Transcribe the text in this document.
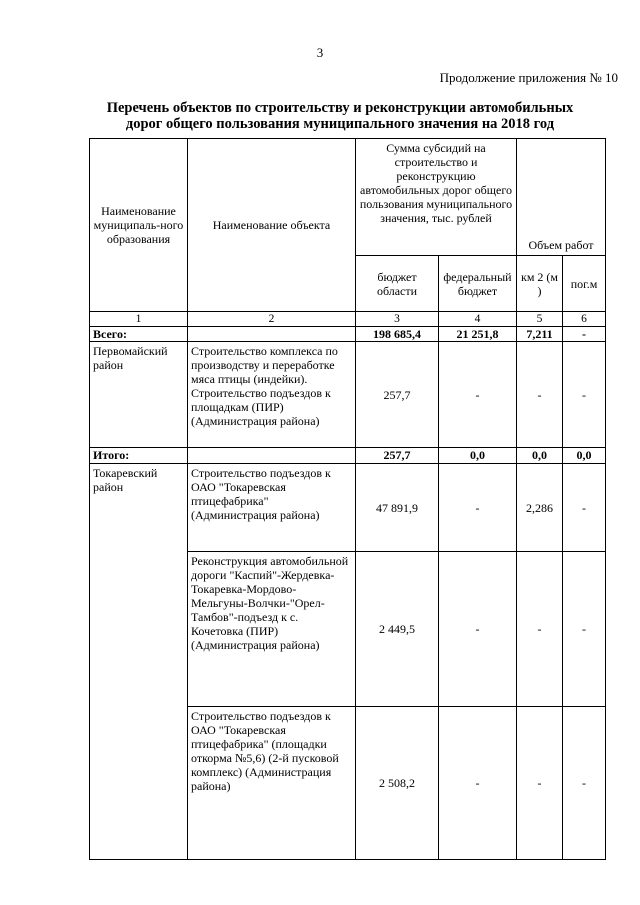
3
Продолжение приложения № 10
Перечень объектов по строительству и реконструкции автомобильных
дорог общего пользования муниципального значения на 2018 год
Наименование муниципаль-ного образования	Наименование объекта	Сумма субсидий на строительство и реконструкцию автомобильных дорог общего пользования муниципального значения, тыс. рублей		Объем работ	
		бюджет области	федеральный бюджет	км 2 (м )	пог.м
1	2	3	4	5	6
Всего:		198 685,4	21 251,8	7,211	-
Первомайский район	Строительство комплекса по производству и переработке мяса птицы (индейки). Строительство подъездов к площадкам (ПИР) (Администрация района)	257,7	-	-	-
Итого:		257,7	0,0	0,0	0,0
Токаревский район	Строительство подъездов к ОАО "Токаревская птицефабрика" (Администрация района)	47 891,9	-	2,286	-
	Реконструкция автомобильной дороги "Каспий"-Жердевка-Токаревка-Мордово-Мельгуны-Волчки-"Орел-Тамбов"-подъезд к с. Кочетовка (ПИР) (Администрация района)	2 449,5	-	-	-
	Строительство подъездов к ОАО "Токаревская птицефабрика" (площадки откорма №5,6) (2-й пусковой комплекс) (Администрация района)	2 508,2	-	-	-
